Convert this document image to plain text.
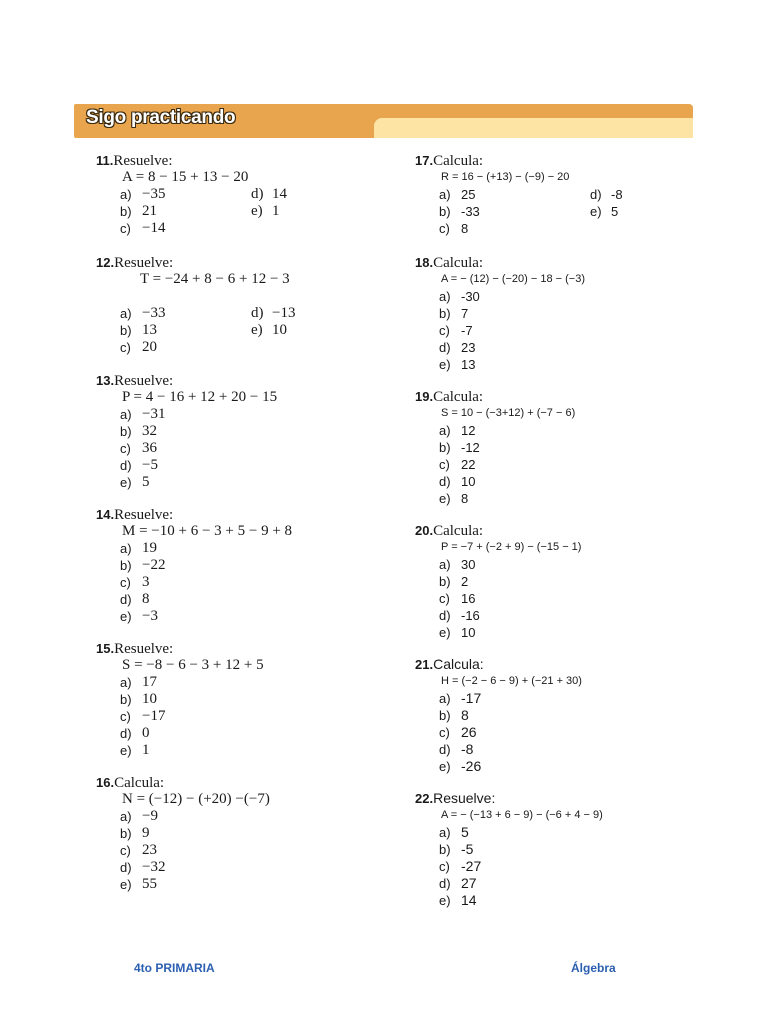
Sigo practicando
11.Resuelve:
A = 8 − 15 + 13 − 20
a) −35	d) 14
b) 21	e) 1
c) −14
12.Resuelve:
T = −24 + 8 − 6 + 12 − 3
a) −33	d) −13
b) 13	e) 10
c) 20
13.Resuelve:
P = 4 − 16 + 12 + 20 − 15
a) −31
b) 32
c) 36
d) −5
e) 5
14.Resuelve:
M = −10 + 6 − 3 + 5 − 9 + 8
a) 19
b) −22
c) 3
d) 8
e) −3
15.Resuelve:
S = −8 − 6 − 3 + 12 + 5
a) 17
b) 10
c) −17
d) 0
e) 1
16.Calcula:
N = (−12) − (+20) −(−7)
a) −9
b) 9
c) 23
d) −32
e) 55
17.Calcula:
R = 16 − (+13) − (−9) − 20
a) 25	d) -8
b) -33	e) 5
c) 8
18.Calcula:
A = − (12) − (−20) − 18 − (−3)
a) -30
b) 7
c) -7
d) 23
e) 13
19.Calcula:
S = 10 − (−3+12) + (−7 − 6)
a) 12
b) -12
c) 22
d) 10
e) 8
20.Calcula:
P = −7 + (−2 + 9) − (−15 − 1)
a) 30
b) 2
c) 16
d) -16
e) 10
21.Calcula:
H = (−2 − 6 − 9) + (−21 + 30)
a) -17
b) 8
c) 26
d) -8
e) -26
22.Resuelve:
A = − (−13 + 6 − 9) − (−6 + 4 − 9)
a) 5
b) -5
c) -27
d) 27
e) 14
4to PRIMARIA	Álgebra
